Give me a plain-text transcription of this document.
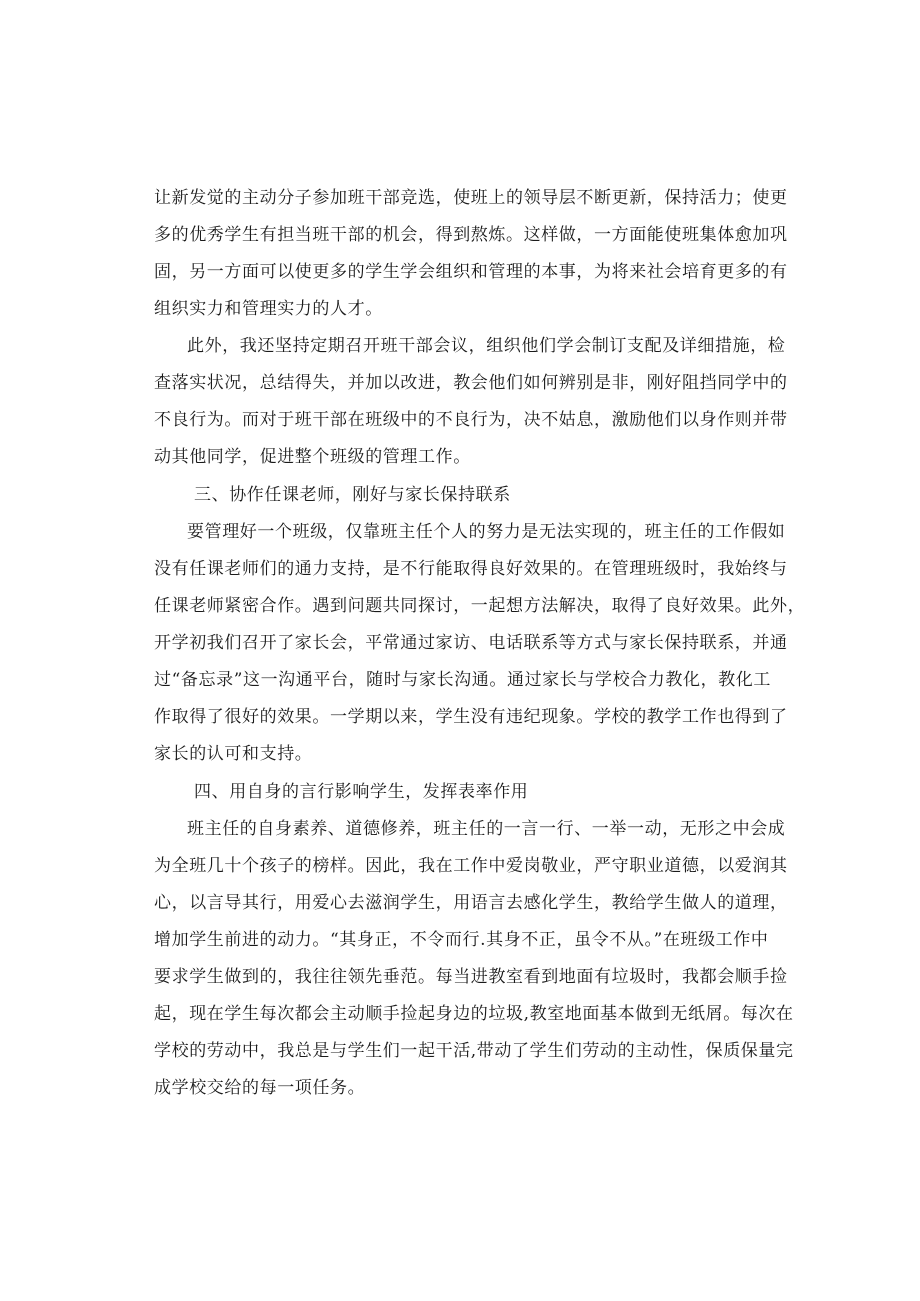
让新发觉的主动分子参加班干部竞选，使班上的领导层不断更新，保持活力；使更
多的优秀学生有担当班干部的机会，得到熬炼。这样做，一方面能使班集体愈加巩
固，另一方面可以使更多的学生学会组织和管理的本事，为将来社会培育更多的有
组织实力和管理实力的人才。
此外，我还坚持定期召开班干部会议，组织他们学会制订支配及详细措施，检
查落实状况，总结得失，并加以改进，教会他们如何辨别是非，刚好阻挡同学中的
不良行为。而对于班干部在班级中的不良行为，决不姑息，激励他们以身作则并带
动其他同学，促进整个班级的管理工作。
三、协作任课老师，刚好与家长保持联系
要管理好一个班级，仅靠班主任个人的努力是无法实现的，班主任的工作假如
没有任课老师们的通力支持，是不行能取得良好效果的。在管理班级时，我始终与
任课老师紧密合作。遇到问题共同探讨，一起想方法解决，取得了良好效果。此外，
开学初我们召开了家长会，平常通过家访、电话联系等方式与家长保持联系，并通
过“备忘录”这一沟通平台，随时与家长沟通。通过家长与学校合力教化，教化工
作取得了很好的效果。一学期以来，学生没有违纪现象。学校的教学工作也得到了
家长的认可和支持。
四、用自身的言行影响学生，发挥表率作用
班主任的自身素养、道德修养，班主任的一言一行、一举一动，无形之中会成
为全班几十个孩子的榜样。因此，我在工作中爱岗敬业，严守职业道德，以爱润其
心，以言导其行，用爱心去滋润学生，用语言去感化学生，教给学生做人的道理，
增加学生前进的动力。“其身正，不令而行.其身不正，虽令不从。”在班级工作中
要求学生做到的，我往往领先垂范。每当进教室看到地面有垃圾时，我都会顺手捡
起，现在学生每次都会主动顺手捡起身边的垃圾,教室地面基本做到无纸屑。每次在
学校的劳动中，我总是与学生们一起干活,带动了学生们劳动的主动性，保质保量完
成学校交给的每一项任务。
